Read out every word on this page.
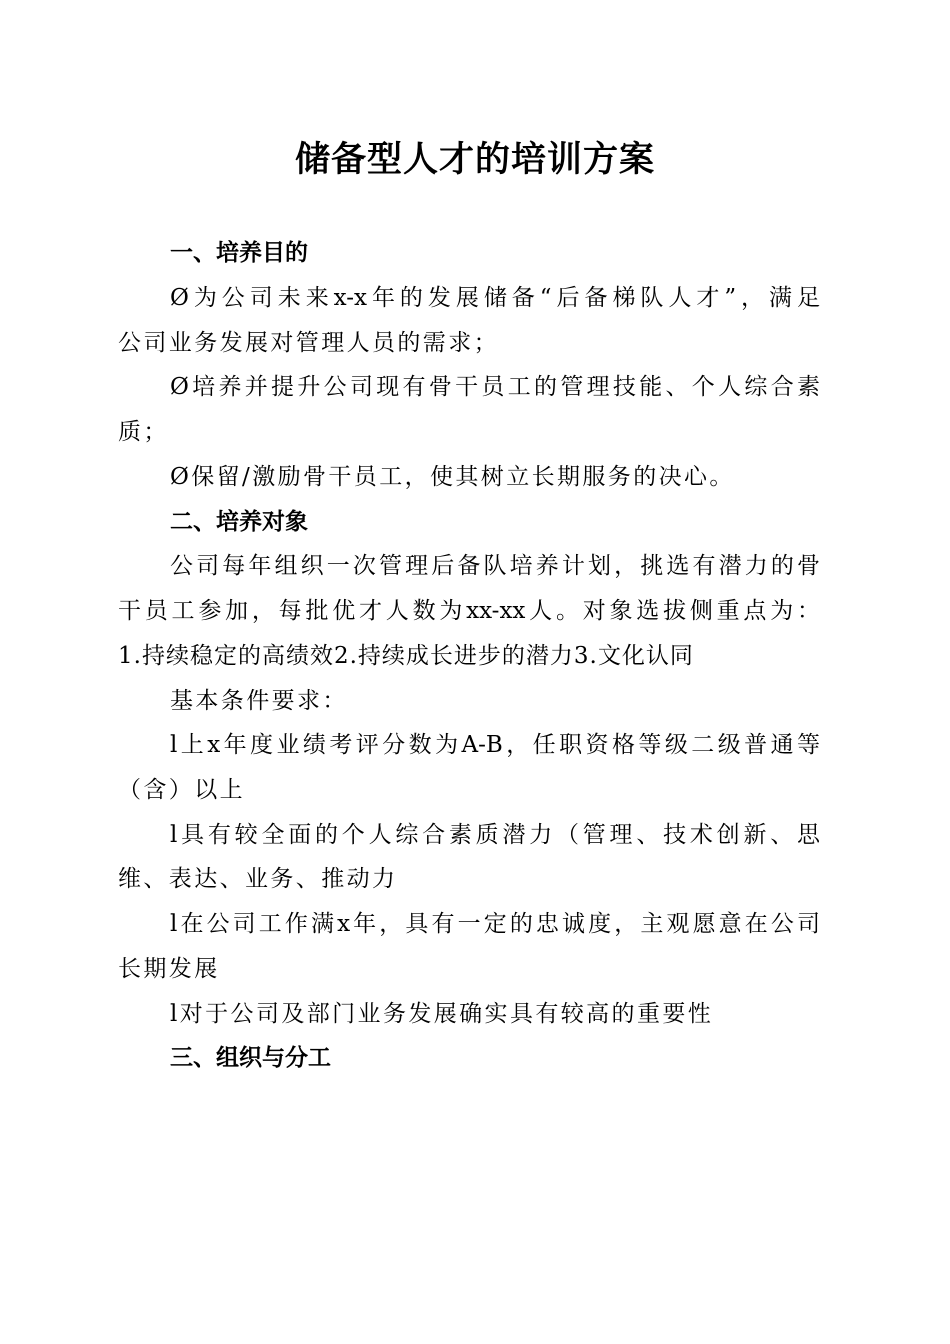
储备型人才的培训方案
一、培养目的
Ø为公司未来x-x年的发展储备“后备梯队人才”，满足
公司业务发展对管理人员的需求；
Ø培养并提升公司现有骨干员工的管理技能、个人综合素
质；
Ø保留/激励骨干员工，使其树立长期服务的决心。
二、培养对象
公司每年组织一次管理后备队培养计划，挑选有潜力的骨
干员工参加，每批优才人数为xx-xx人。对象选拔侧重点为：
1.持续稳定的高绩效2.持续成长进步的潜力3.文化认同
基本条件要求：
l上x年度业绩考评分数为A-B，任职资格等级二级普通等
（含）以上
l具有较全面的个人综合素质潜力（管理、技术创新、思
维、表达、业务、推动力
l在公司工作满x年，具有一定的忠诚度，主观愿意在公司
长期发展
l对于公司及部门业务发展确实具有较高的重要性
三、组织与分工
